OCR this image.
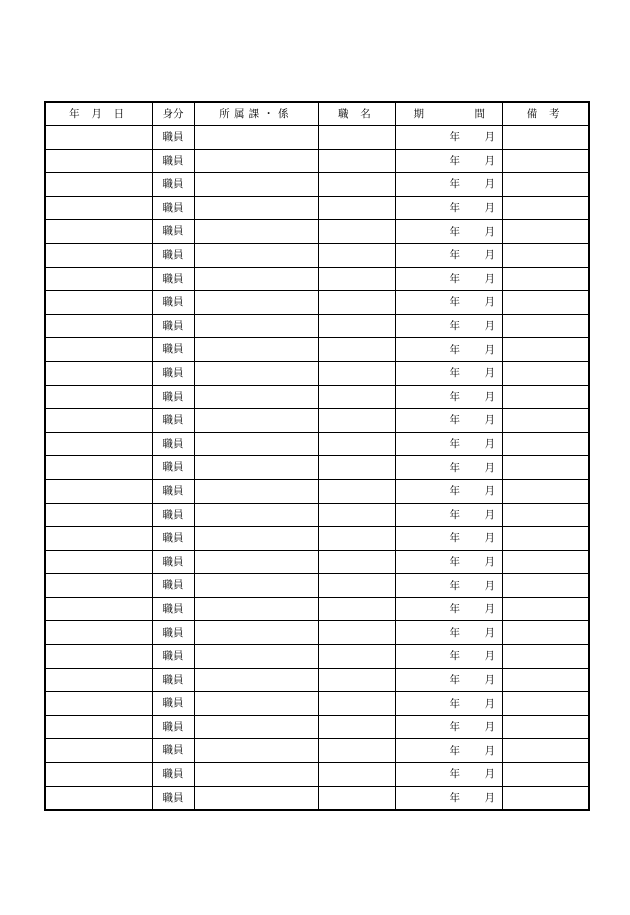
年 月 日	身分	所属課・係	職 名	期 間	備 考
	職員			年 月	

	職員			年 月	

	職員			年 月	

	職員			年 月	

	職員			年 月	

	職員			年 月	

	職員			年 月	

	職員			年 月	

	職員			年 月	

	職員			年 月	

	職員			年 月	

	職員			年 月	

	職員			年 月	

	職員			年 月	

	職員			年 月	

	職員			年 月	

	職員			年 月	

	職員			年 月	

	職員			年 月	

	職員			年 月	

	職員			年 月	

	職員			年 月	

	職員			年 月	

	職員			年 月	

	職員			年 月	

	職員			年 月	

	職員			年 月	

	職員			年 月	

	職員			年 月	
